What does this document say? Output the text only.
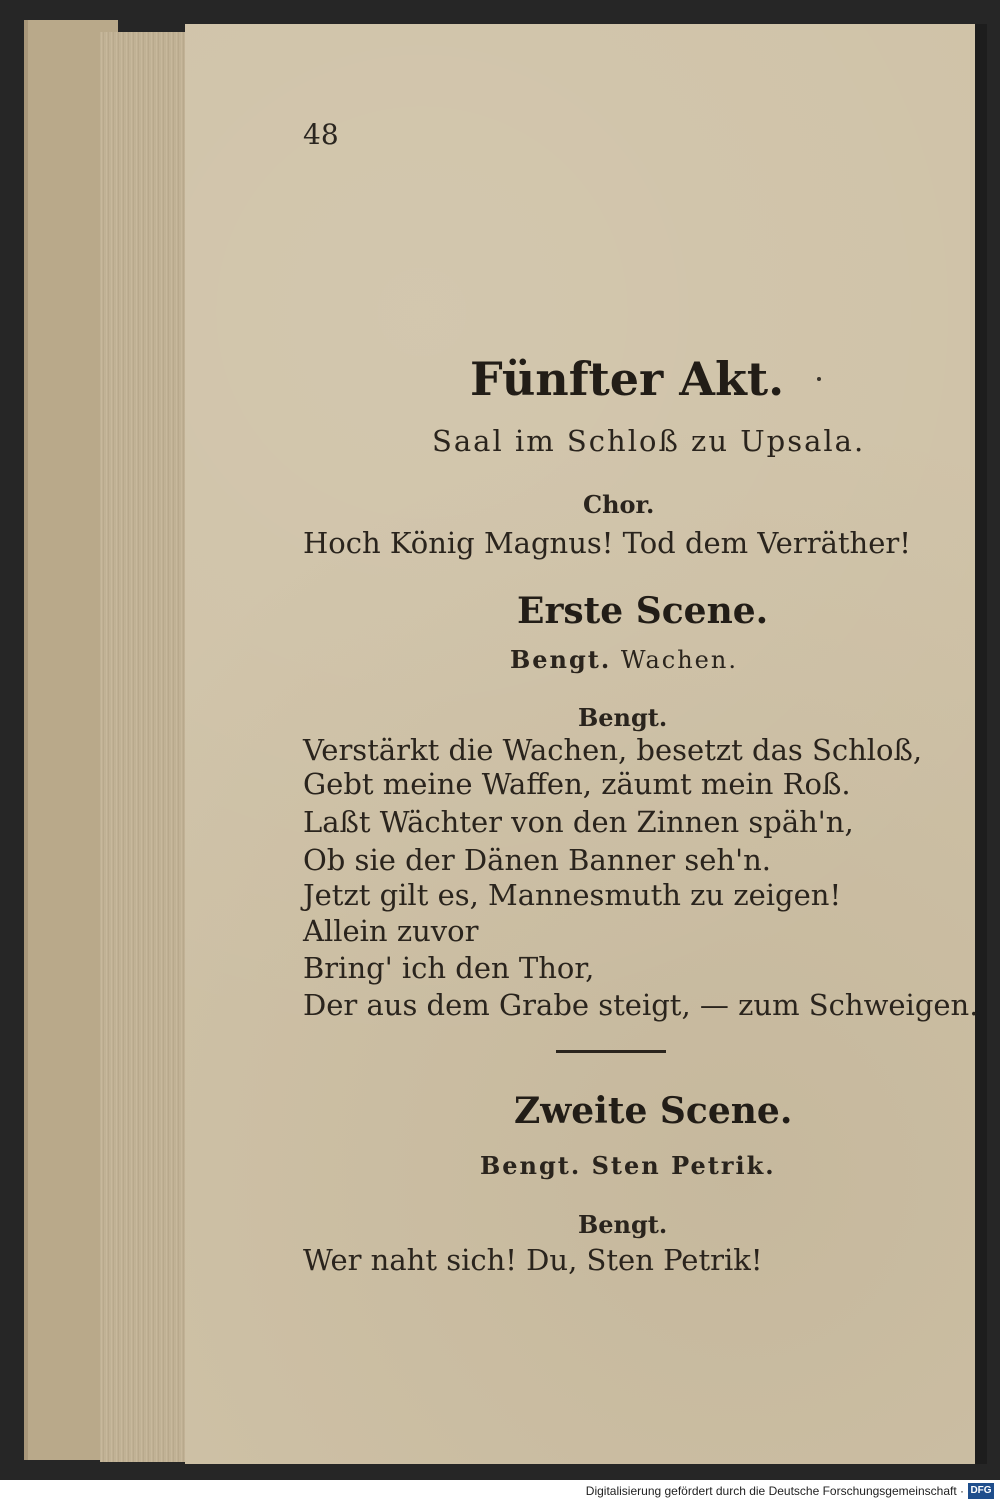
48
Fünfter Akt.
Saal im Schloß zu Upsala.
Chor.
Hoch König Magnus! Tod dem Verräther!
Erste Scene.
Bengt. Wachen.
Bengt.
Verstärkt die Wachen, besetzt das Schloß,
Gebt meine Waffen, zäumt mein Roß.
Laßt Wächter von den Zinnen späh'n,
Ob sie der Dänen Banner seh'n.
Jetzt gilt es, Mannesmuth zu zeigen!
Allein zuvor
Bring' ich den Thor,
Der aus dem Grabe steigt, — zum Schweigen.
Zweite Scene.
Bengt. Sten Petrik.
Bengt.
Wer naht sich! Du, Sten Petrik!
Digitalisierung gefördert durch die Deutsche Forschungsgemeinschaft · DFG
